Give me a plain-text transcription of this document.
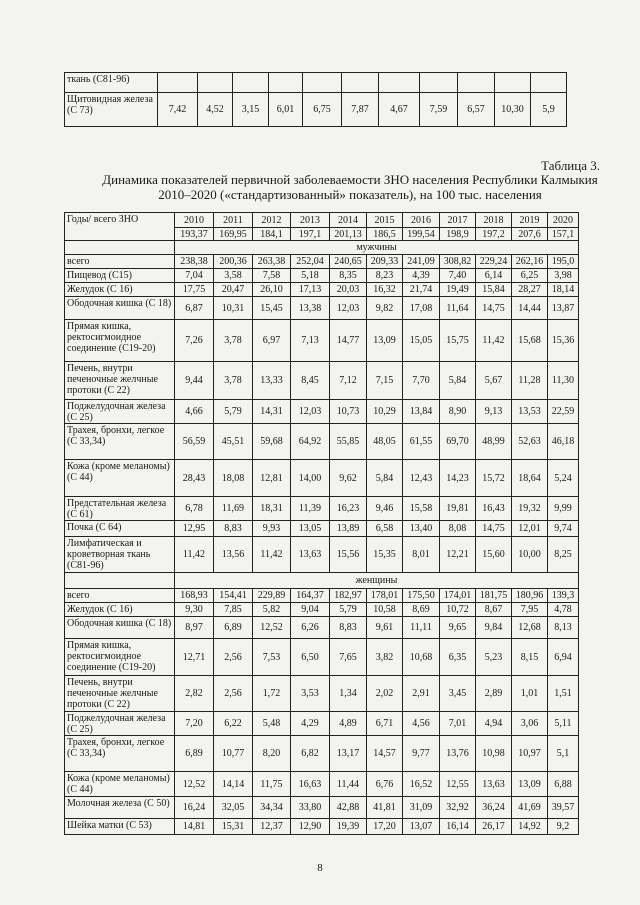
ткань (С81-96)											
Щитовидная железа (С 73)	7,42	4,52	3,15	6,01	6,75	7,87	4,67	7,59	6,57	10,30	5,9
Таблица 3.
Динамика показателей первичной заболеваемости ЗНО населения Республики Калмыкия 2010–2020 («стандартизованный» показатель), на 100 тыс. населения
Годы/ всего ЗНО	2010	2011	2012	2013	2014	2015	2016	2017	2018	2019	2020
	193,37	169,95	184,1	197,1	201,13	186,5	199,54	198,9	197,2	207,6	157,1
	мужчины										
всего	238,38	200,36	263,38	252,04	240,65	209,33	241,09	308,82	229,24	262,16	195,0
Пищевод (С15)	7,04	3,58	7,58	5,18	8,35	8,23	4,39	7,40	6,14	6,25	3,98
Желудок (С 16)	17,75	20,47	26,10	17,13	20,03	16,32	21,74	19,49	15,84	28,27	18,14
Ободочная кишка (С 18)	6,87	10,31	15,45	13,38	12,03	9,82	17,08	11,64	14,75	14,44	13,87
Прямая кишка, ректосигмоидное соединение (С19-20)	7,26	3,78	6,97	7,13	14,77	13,09	15,05	15,75	11,42	15,68	15,36
Печень, внутри печеночные желчные протоки (С 22)	9,44	3,78	13,33	8,45	7,12	7,15	7,70	5,84	5,67	11,28	11,30
Поджелудочная железа (С 25)	4,66	5,79	14,31	12,03	10,73	10,29	13,84	8,90	9,13	13,53	22,59
Трахея, бронхи, легкое (С 33,34)	56,59	45,51	59,68	64,92	55,85	48,05	61,55	69,70	48,99	52,63	46,18
Кожа (кроме меланомы) (С 44)	28,43	18,08	12,81	14,00	9,62	5,84	12,43	14,23	15,72	18,64	5,24
Предстательная железа (С 61)	6,78	11,69	18,31	11,39	16,23	9,46	15,58	19,81	16,43	19,32	9,99
Почка (С 64)	12,95	8,83	9,93	13,05	13,89	6,58	13,40	8,08	14,75	12,01	9,74
Лимфатическая и кроветворная ткань (С81-96)	11,42	13,56	11,42	13,63	15,56	15,35	8,01	12,21	15,60	10,00	8,25
	женщины										
всего	168,93	154,41	229,89	164,37	182,97	178,01	175,50	174,01	181,75	180,96	139,3
Желудок (С 16)	9,30	7,85	5,82	9,04	5,79	10,58	8,69	10,72	8,67	7,95	4,78
Ободочная кишка (С 18)	8,97	6,89	12,52	6,26	8,83	9,61	11,11	9,65	9,84	12,68	8,13
Прямая кишка, ректосигмоидное соединение (С19-20)	12,71	2,56	7,53	6,50	7,65	3,82	10,68	6,35	5,23	8,15	6,94
Печень, внутри печеночные желчные протоки (С 22)	2,82	2,56	1,72	3,53	1,34	2,02	2,91	3,45	2,89	1,01	1,51
Поджелудочная железа (С 25)	7,20	6,22	5,48	4,29	4,89	6,71	4,56	7,01	4,94	3,06	5,11
Трахея, бронхи, легкое (С 33,34)	6,89	10,77	8,20	6,82	13,17	14,57	9,77	13,76	10,98	10,97	5,1
Кожа (кроме меланомы) (С 44)	12,52	14,14	11,75	16,63	11,44	6,76	16,52	12,55	13,63	13,09	6,88
Молочная железа (С 50)	16,24	32,05	34,34	33,80	42,88	41,81	31,09	32,92	36,24	41,69	39,57
Шейка матки (С 53)	14,81	15,31	12,37	12,90	19,39	17,20	13,07	16,14	26,17	14,92	9,2
8
